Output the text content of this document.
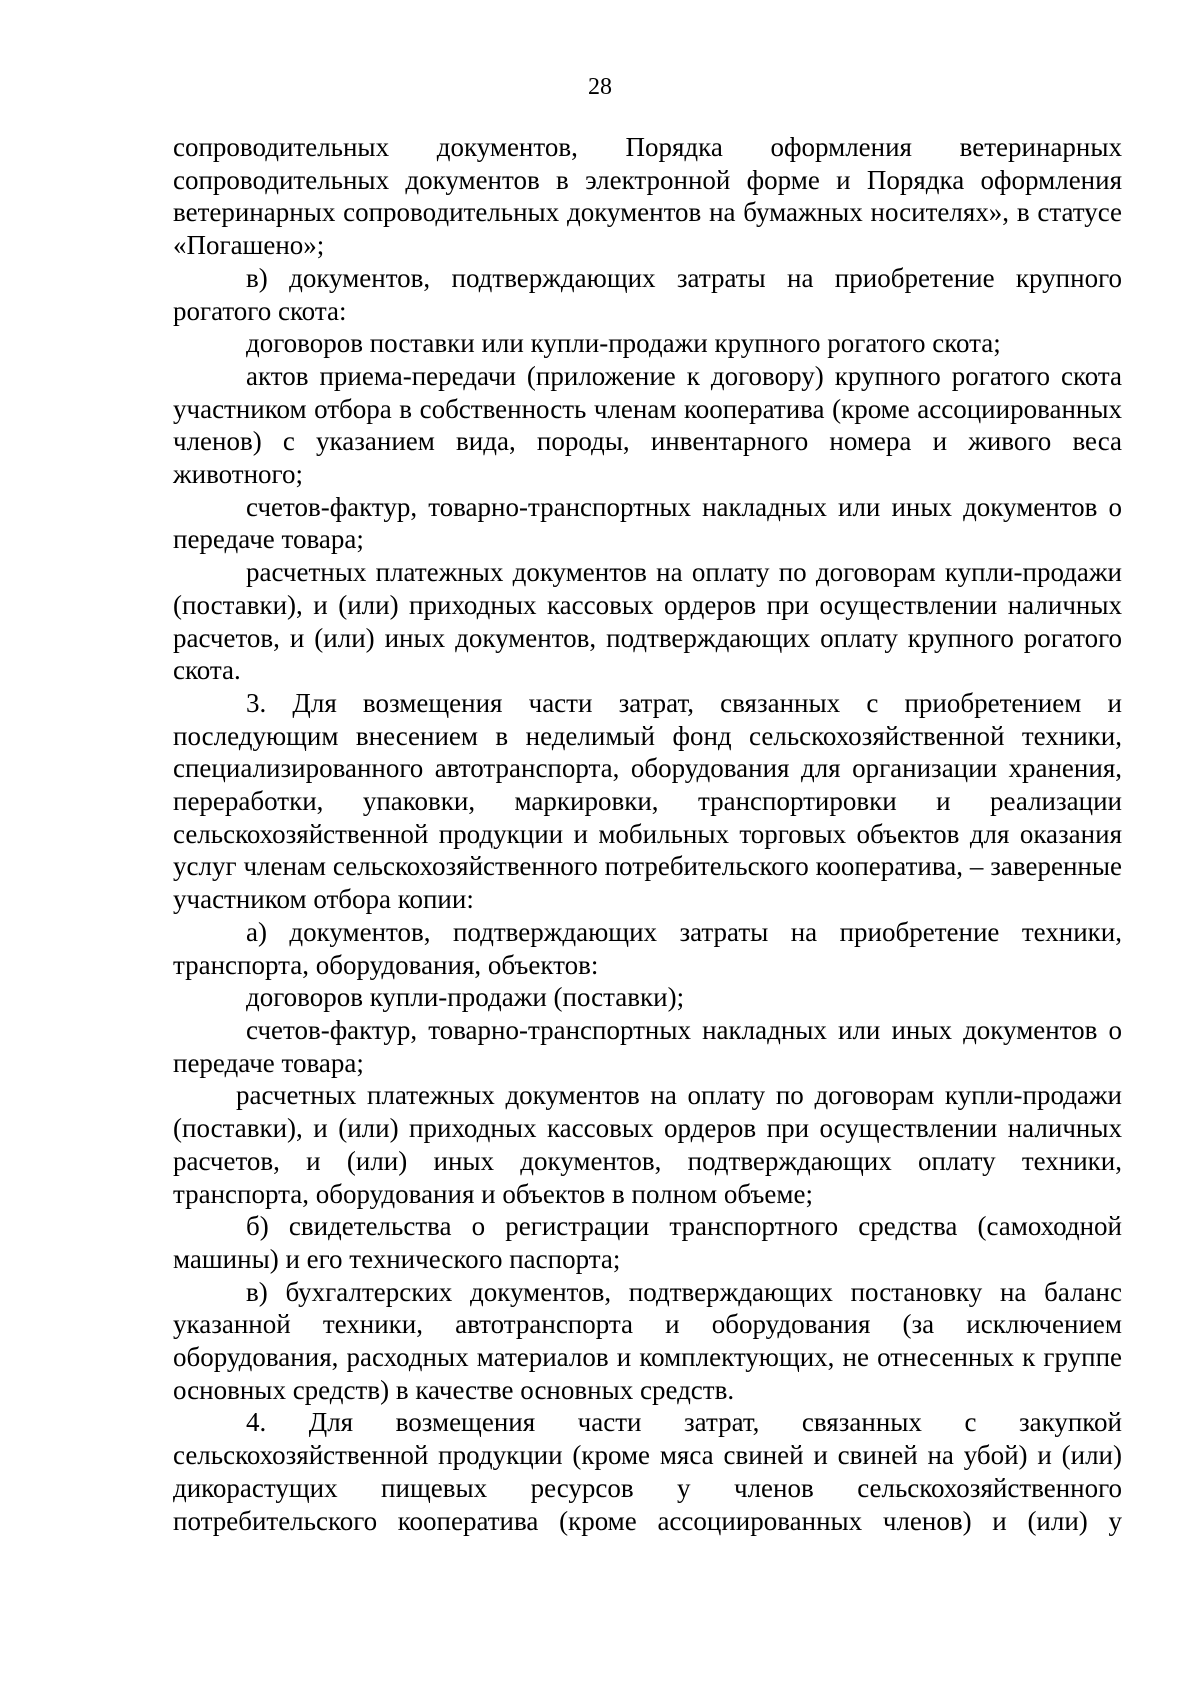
28

сопроводительных документов, Порядка оформления ветеринарных сопроводительных документов в электронной форме и Порядка оформления ветеринарных сопроводительных документов на бумажных носителях», в статусе «Погашено»;

в) документов, подтверждающих затраты на приобретение крупного рогатого скота:

договоров поставки или купли-продажи крупного рогатого скота;

актов приема-передачи (приложение к договору) крупного рогатого скота участником отбора в собственность членам кооператива (кроме ассоциированных членов) с указанием вида, породы, инвентарного номера и живого веса животного;

счетов-фактур, товарно-транспортных накладных или иных документов о передаче товара;

расчетных платежных документов на оплату по договорам купли-продажи (поставки), и (или) приходных кассовых ордеров при осуществлении наличных расчетов, и (или) иных документов, подтверждающих оплату крупного рогатого скота.

3. Для возмещения части затрат, связанных с приобретением и последующим внесением в неделимый фонд сельскохозяйственной техники, специализированного автотранспорта, оборудования для организации хранения, переработки, упаковки, маркировки, транспортировки и реализации сельскохозяйственной продукции и мобильных торговых объектов для оказания услуг членам сельскохозяйственного потребительского кооператива, – заверенные участником отбора копии:

а) документов, подтверждающих затраты на приобретение техники, транспорта, оборудования, объектов:

договоров купли-продажи (поставки);

счетов-фактур, товарно-транспортных накладных или иных документов о передаче товара;

расчетных платежных документов на оплату по договорам купли-продажи (поставки), и (или) приходных кассовых ордеров при осуществлении наличных расчетов, и (или) иных документов, подтверждающих оплату техники, транспорта, оборудования и объектов в полном объеме;

б) свидетельства о регистрации транспортного средства (самоходной машины) и его технического паспорта;

в) бухгалтерских документов, подтверждающих постановку на баланс указанной техники, автотранспорта и оборудования (за исключением оборудования, расходных материалов и комплектующих, не отнесенных к группе основных средств) в качестве основных средств.

4. Для возмещения части затрат, связанных с закупкой сельскохозяйственной продукции (кроме мяса свиней и свиней на убой) и (или) дикорастущих пищевых ресурсов у членов сельскохозяйственного потребительского кооператива (кроме ассоциированных членов) и (или) у
